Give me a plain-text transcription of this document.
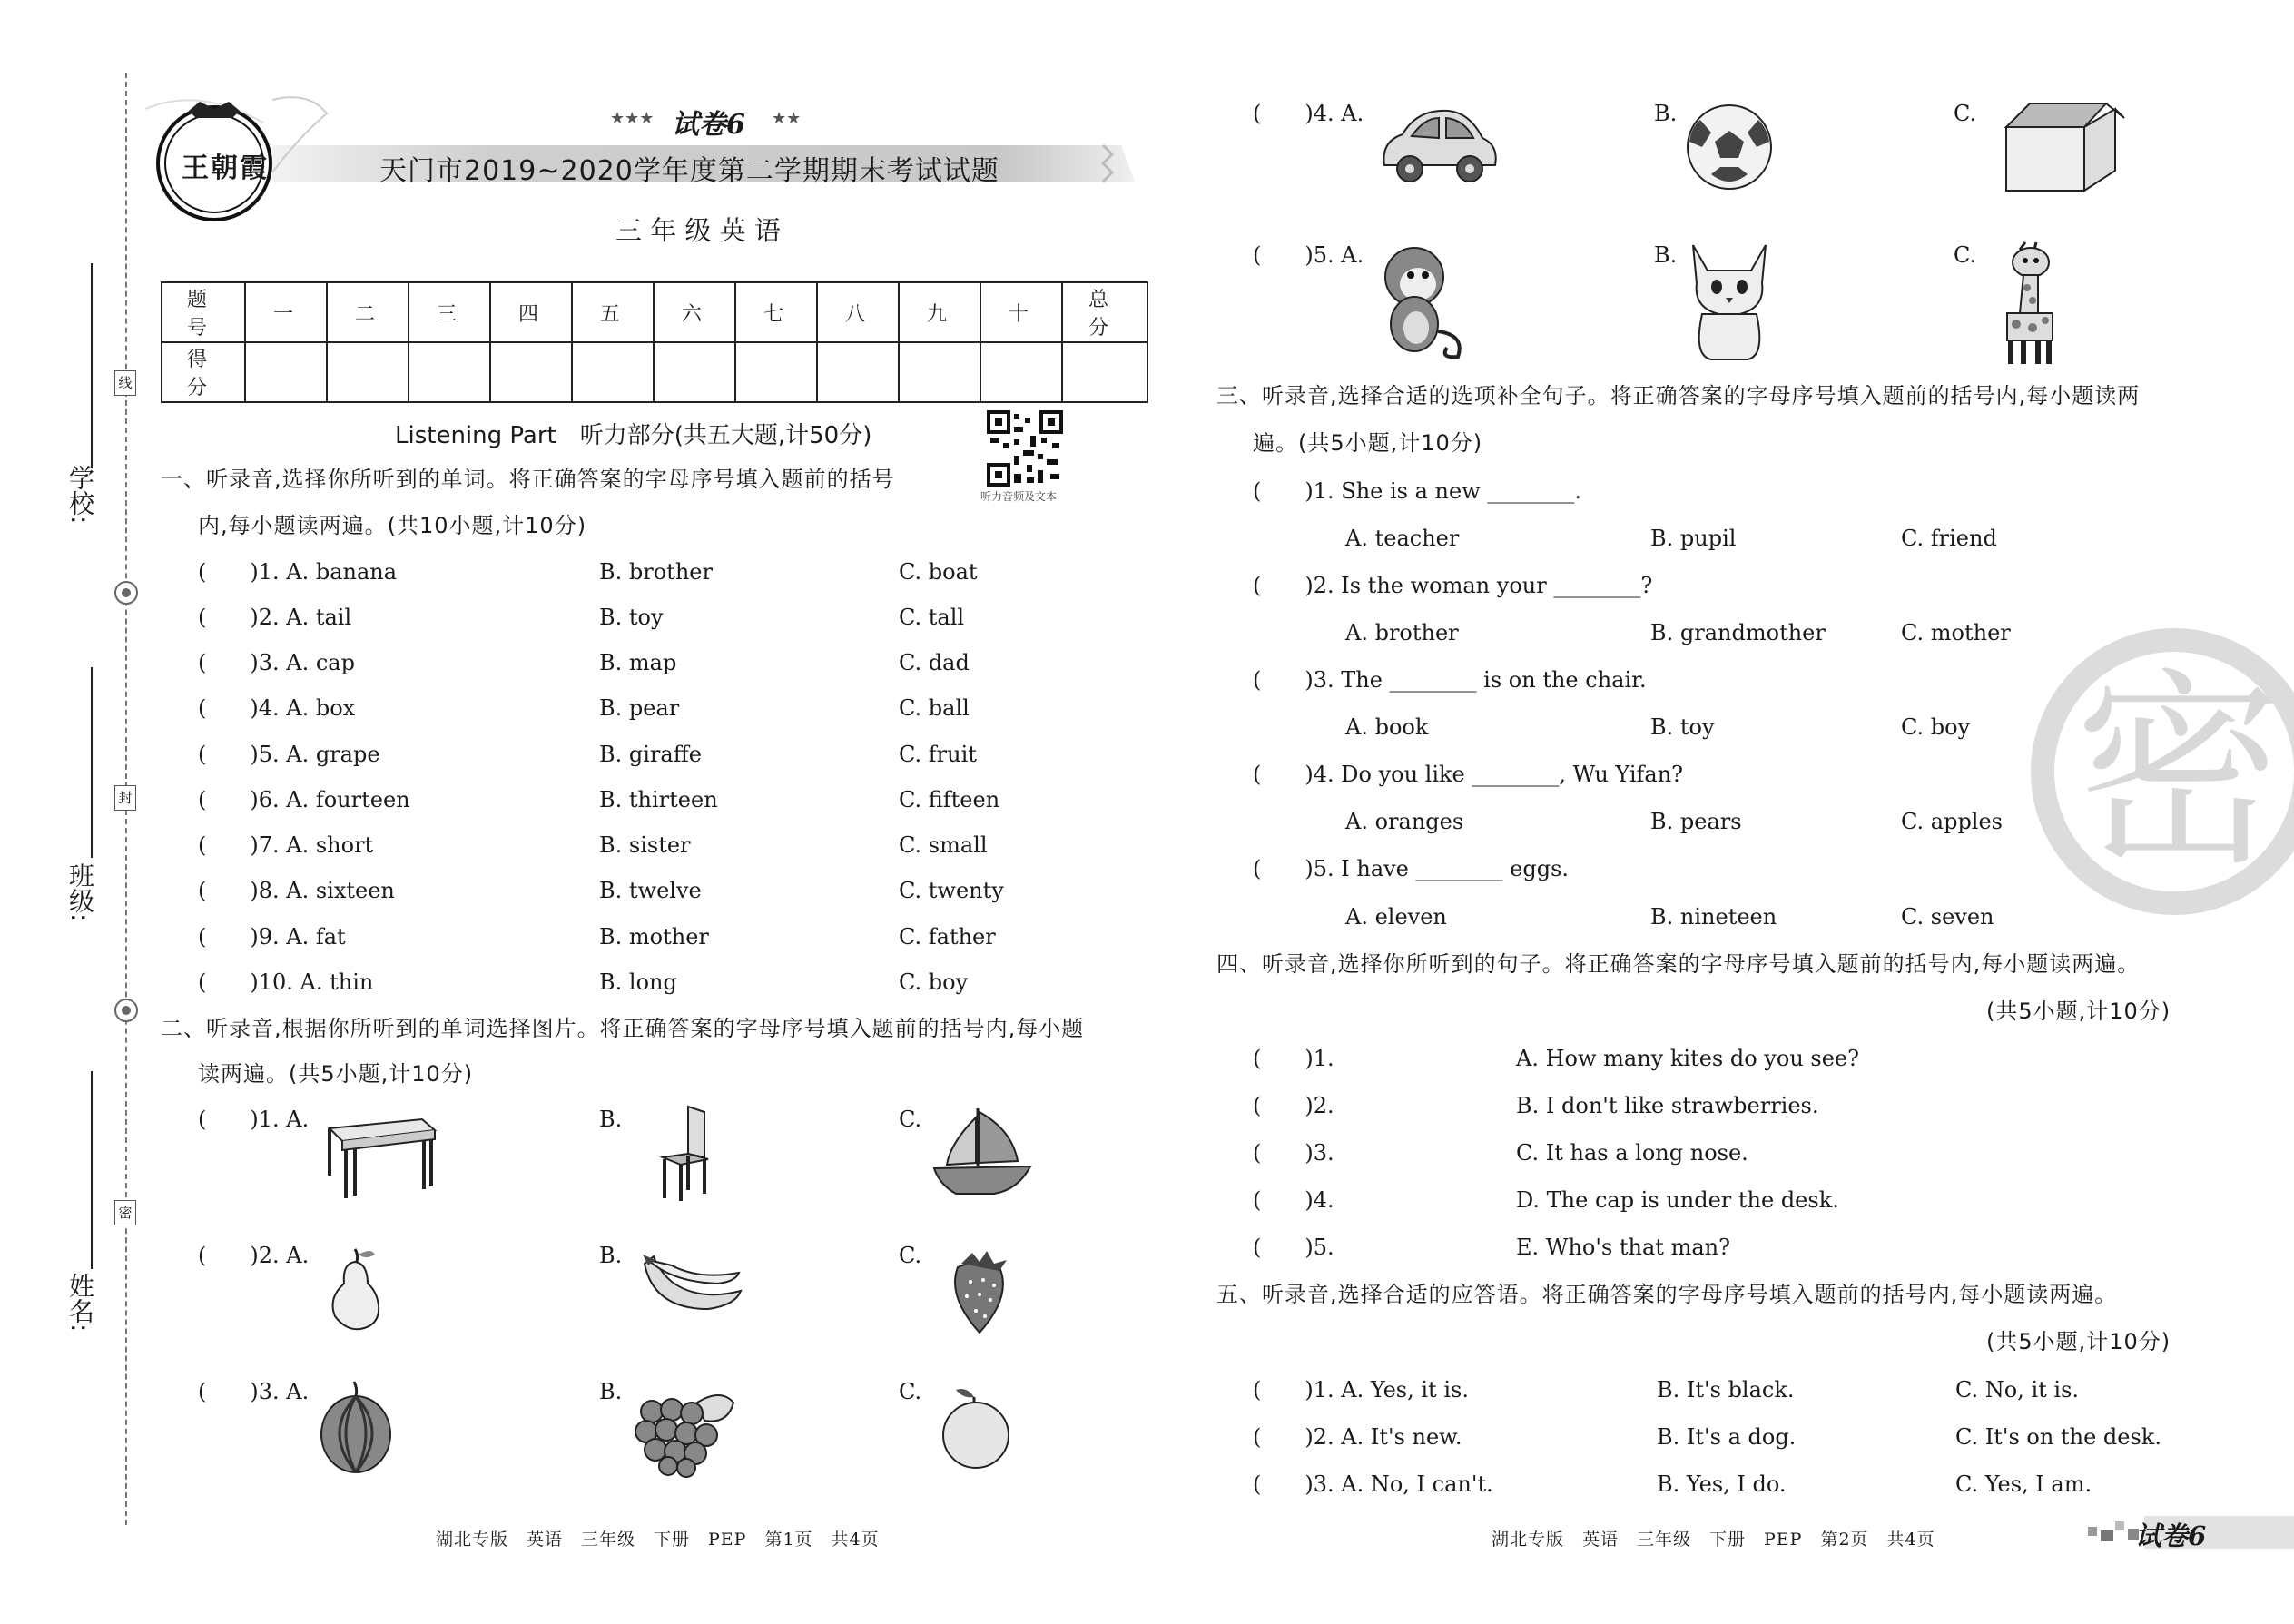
学校:
班级:
姓名:
线
封
密
王朝霞
★★★ 试卷6 ★★
天门市2019~2020学年度第二学期期末考试试题
三 年 级 英 语
题 号	一	二	三	四	五	六	七	八	九	十	总 分
得 分											
Listening Part　听力部分(共五大题,计50分)
听力音频及文本
一、听录音,选择你所听到的单词。将正确答案的字母序号填入题前的括号
内,每小题读两遍。(共10小题,计10分)
(　　)1. A. banana	B. brother	C. boat
(　　)2. A. tail	B. toy	C. tall
(　　)3. A. cap	B. map	C. dad
(　　)4. A. box	B. pear	C. ball
(　　)5. A. grape	B. giraffe	C. fruit
(　　)6. A. fourteen	B. thirteen	C. fifteen
(　　)7. A. short	B. sister	C. small
(　　)8. A. sixteen	B. twelve	C. twenty
(　　)9. A. fat	B. mother	C. father
(　　)10. A. thin	B. long	C. boy
二、听录音,根据你所听到的单词选择图片。将正确答案的字母序号填入题前的括号内,每小题
读两遍。(共5小题,计10分)
(　　)1. A.	B.	C.
(　　)2. A.	B.	C.
(　　)3. A.	B.	C.
(　　)4. A.	B.	C.
(　　)5. A.	B.	C.
密
三、听录音,选择合适的选项补全句子。将正确答案的字母序号填入题前的括号内,每小题读两
遍。(共5小题,计10分)
(　　)1. She is a new ________.
A. teacher	B. pupil	C. friend
(　　)2. Is the woman your ________?
A. brother	B. grandmother	C. mother
(　　)3. The ________ is on the chair.
A. book	B. toy	C. boy
(　　)4. Do you like ________, Wu Yifan?
A. oranges	B. pears	C. apples
(　　)5. I have ________ eggs.
A. eleven	B. nineteen	C. seven
四、听录音,选择你所听到的句子。将正确答案的字母序号填入题前的括号内,每小题读两遍。
(共5小题,计10分)
(　　)1.	A. How many kites do you see?
(　　)2.	B. I don't like strawberries.
(　　)3.	C. It has a long nose.
(　　)4.	D. The cap is under the desk.
(　　)5.	E. Who's that man?
五、听录音,选择合适的应答语。将正确答案的字母序号填入题前的括号内,每小题读两遍。
(共5小题,计10分)
(　　)1. A. Yes, it is.	B. It's black.	C. No, it is.
(　　)2. A. It's new.	B. It's a dog.	C. It's on the desk.
(　　)3. A. No, I can't.	B. Yes, I do.	C. Yes, I am.
湖北专版　英语　三年级　下册　PEP　第1页　共4页	湖北专版　英语　三年级　下册　PEP　第2页　共4页	试卷6
